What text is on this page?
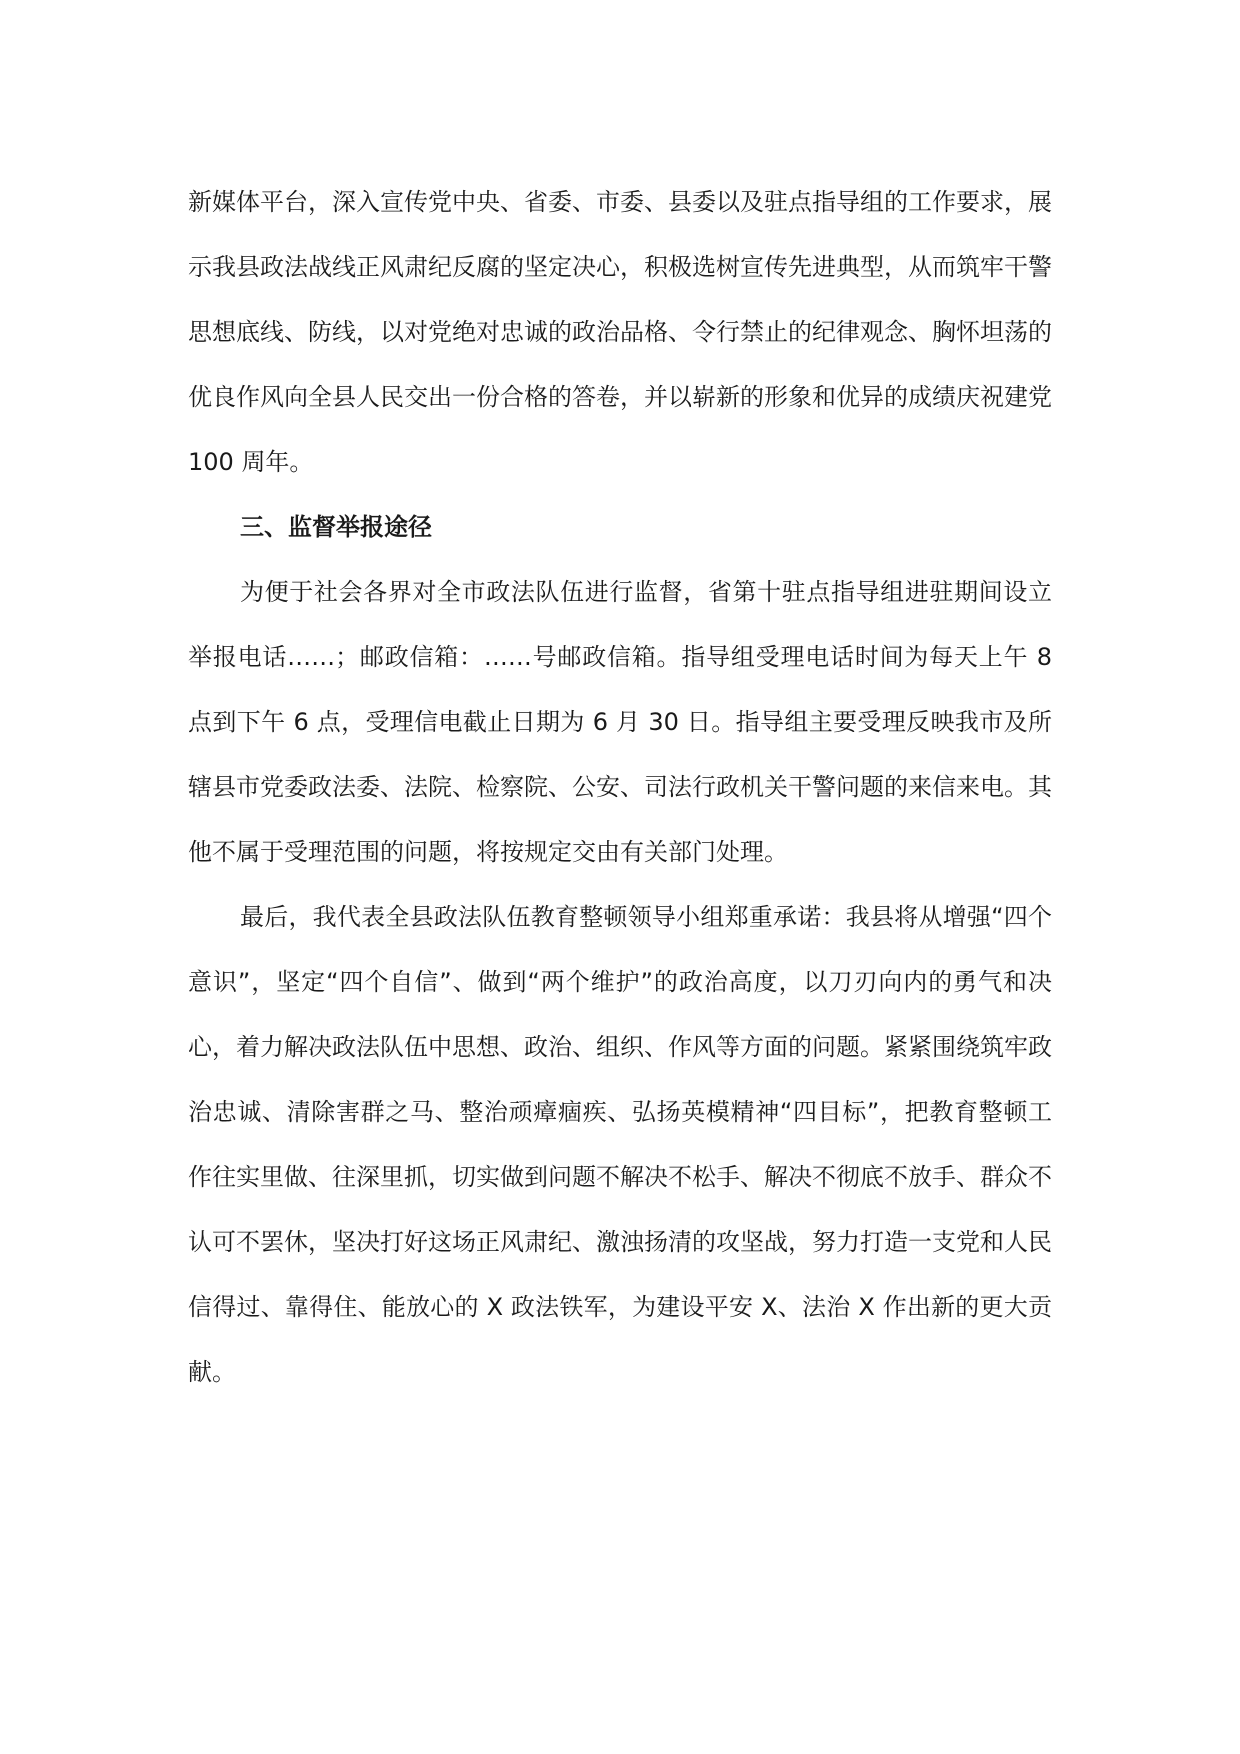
新媒体平台，深入宣传党中央、省委、市委、县委以及驻点指导组的工作要求，展示我县政法战线正风肃纪反腐的坚定决心，积极选树宣传先进典型，从而筑牢干警思想底线、防线，以对党绝对忠诚的政治品格、令行禁止的纪律观念、胸怀坦荡的优良作风向全县人民交出一份合格的答卷，并以崭新的形象和优异的成绩庆祝建党 100 周年。

三、监督举报途径

为便于社会各界对全市政法队伍进行监督，省第十驻点指导组进驻期间设立举报电话……；邮政信箱：……号邮政信箱。指导组受理电话时间为每天上午 8 点到下午 6 点，受理信电截止日期为 6 月 30 日。指导组主要受理反映我市及所辖县市党委政法委、法院、检察院、公安、司法行政机关干警问题的来信来电。其他不属于受理范围的问题，将按规定交由有关部门处理。

最后，我代表全县政法队伍教育整顿领导小组郑重承诺：我县将从增强“四个意识”，坚定“四个自信”、做到“两个维护”的政治高度，以刀刃向内的勇气和决心，着力解决政法队伍中思想、政治、组织、作风等方面的问题。紧紧围绕筑牢政治忠诚、清除害群之马、整治顽瘴痼疾、弘扬英模精神“四目标”，把教育整顿工作往实里做、往深里抓，切实做到问题不解决不松手、解决不彻底不放手、群众不认可不罢休，坚决打好这场正风肃纪、激浊扬清的攻坚战，努力打造一支党和人民信得过、靠得住、能放心的 X 政法铁军，为建设平安 X、法治 X 作出新的更大贡献。
